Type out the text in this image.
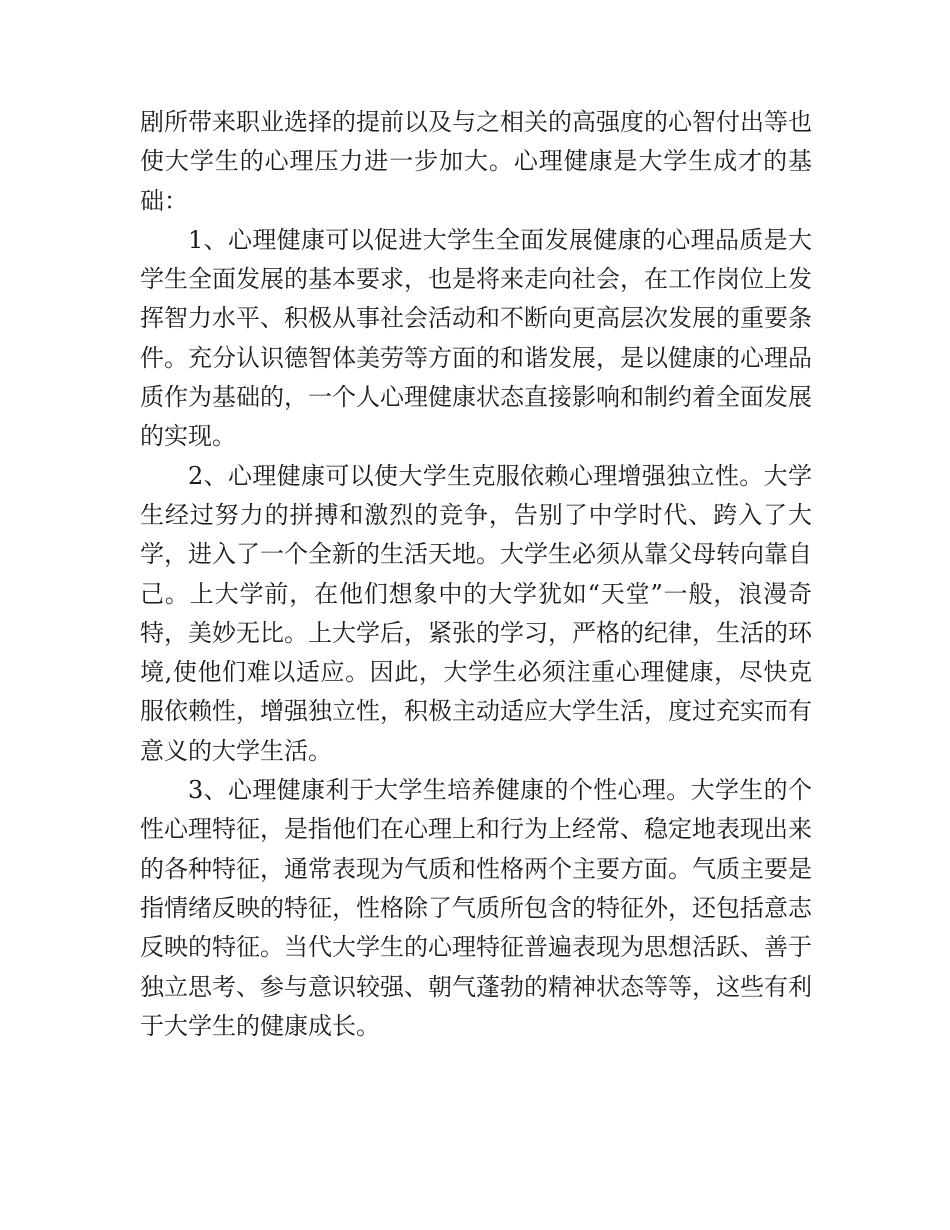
剧所带来职业选择的提前以及与之相关的高强度的心智付出等也使大学生的心理压力进一步加大。心理健康是大学生成才的基础：

1、心理健康可以促进大学生全面发展健康的心理品质是大学生全面发展的基本要求，也是将来走向社会，在工作岗位上发挥智力水平、积极从事社会活动和不断向更高层次发展的重要条件。充分认识德智体美劳等方面的和谐发展，是以健康的心理品质作为基础的，一个人心理健康状态直接影响和制约着全面发展的实现。

2、心理健康可以使大学生克服依赖心理增强独立性。大学生经过努力的拼搏和激烈的竞争，告别了中学时代、跨入了大学，进入了一个全新的生活天地。大学生必须从靠父母转向靠自己。上大学前，在他们想象中的大学犹如“天堂”一般，浪漫奇特，美妙无比。上大学后，紧张的学习，严格的纪律，生活的环境,使他们难以适应。因此，大学生必须注重心理健康，尽快克服依赖性，增强独立性，积极主动适应大学生活，度过充实而有意义的大学生活。

3、心理健康利于大学生培养健康的个性心理。大学生的个性心理特征，是指他们在心理上和行为上经常、稳定地表现出来的各种特征，通常表现为气质和性格两个主要方面。气质主要是指情绪反映的特征，性格除了气质所包含的特征外，还包括意志反映的特征。当代大学生的心理特征普遍表现为思想活跃、善于独立思考、参与意识较强、朝气蓬勃的精神状态等等，这些有利于大学生的健康成长。
